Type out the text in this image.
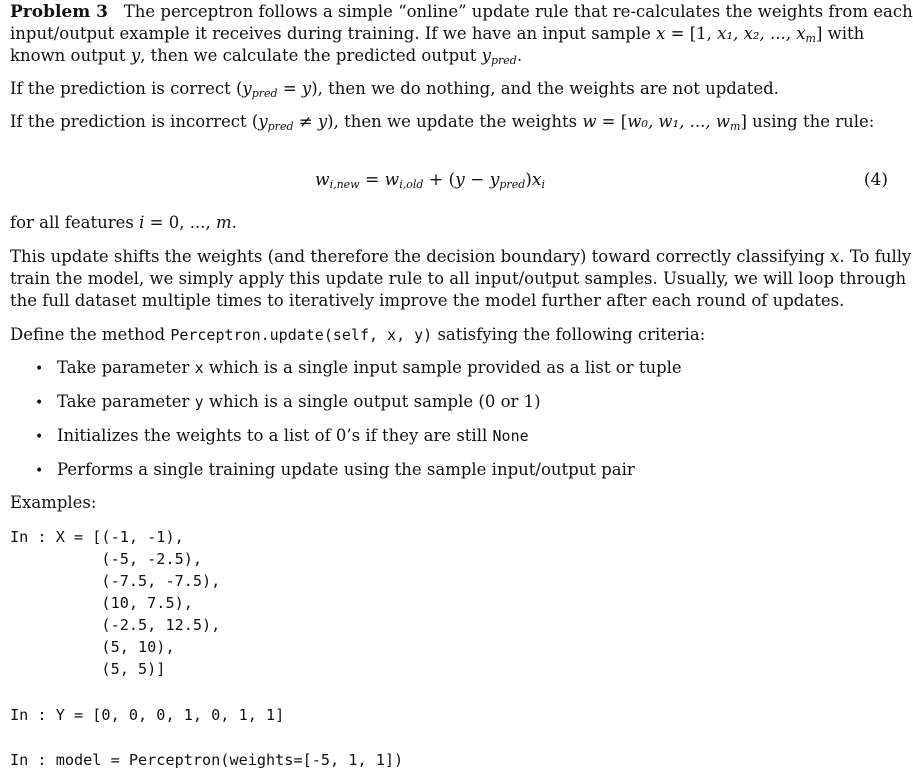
Problem 3 The perceptron follows a simple “online” update rule that re-calculates the weights from each
input/output example it receives during training. If we have an input sample x = [1, x₁, x₂, ..., $x_m$] with
known output y, then we calculate the predicted output $y_{pred}$.
If the prediction is correct $(y_{pred} = y)$, then we do nothing, and the weights are not updated.
If the prediction is incorrect $(y_{pred} \ne y)$, then we update the weights w = [w₀, w₁, ..., $w_m$] using the rule:
$w_{i,new} = w_{i,old} + (y - y_{pred})x_i$	(4)
for all features i = 0, ..., m.
This update shifts the weights (and therefore the decision boundary) toward correctly classifying x. To fully
train the model, we simply apply this update rule to all input/output samples. Usually, we will loop through
the full dataset multiple times to iteratively improve the model further after each round of updates.
Define the method Perceptron.update(self, x, y) satisfying the following criteria:
• Take parameter x which is a single input sample provided as a list or tuple
• Take parameter y which is a single output sample (0 or 1)
• Initializes the weights to a list of 0’s if they are still None
• Performs a single training update using the sample input/output pair
Examples:
In : X = [(-1, -1),
(-5, -2.5),
(-7.5, -7.5),
(10, 7.5),
(-2.5, 12.5),
(5, 10),
(5, 5)]
In : Y = [0, 0, 0, 1, 0, 1, 1]
In : model = Perceptron(weights=[-5, 1, 1])
